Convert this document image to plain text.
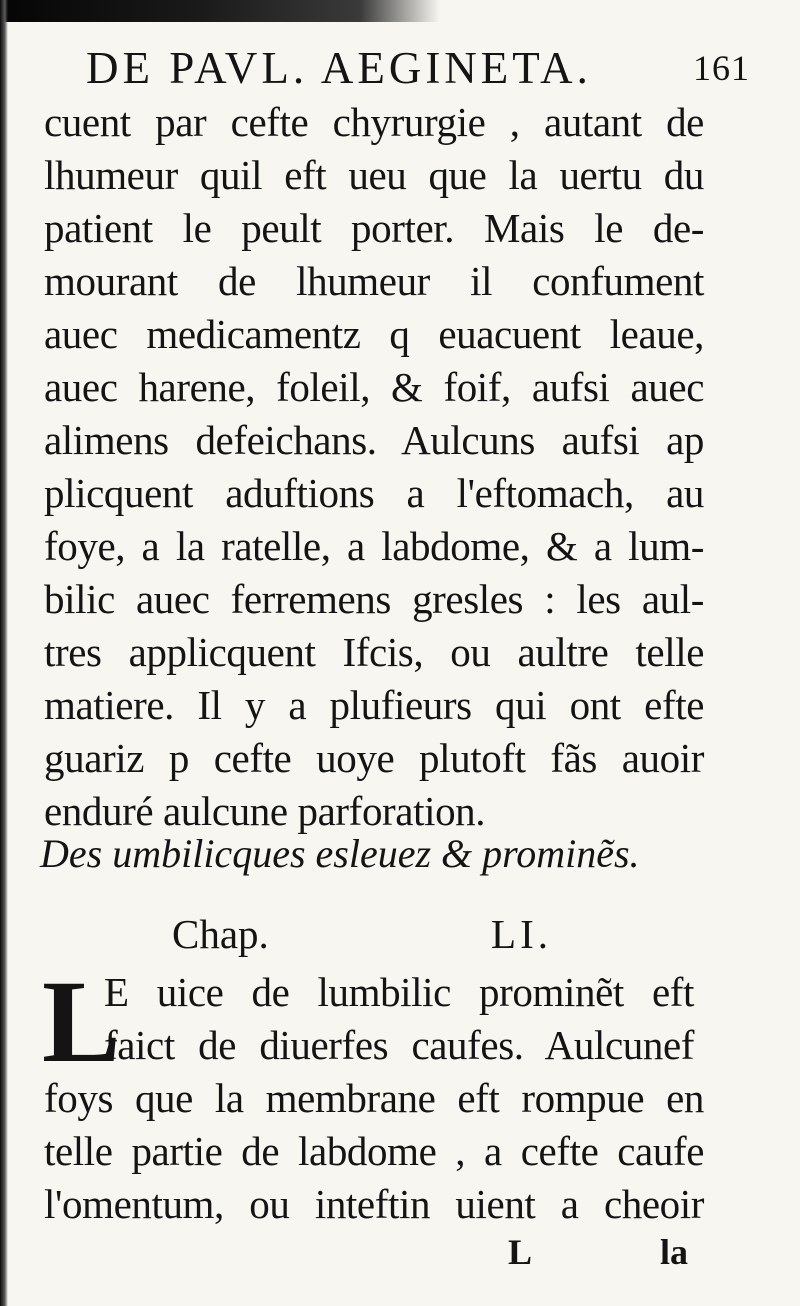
DE PAVL. AEGINETA.	161
cuent par cefte chyrurgie , autant de
lhumeur quil eft ueu que la uertu du
patient le peult porter. Mais le de-
mourant de lhumeur il confument
auec medicamentz q euacuent leaue,
auec harene, foleil, & foif, aufsi auec
alimens defeichans. Aulcuns aufsi ap
plicquent aduftions a l'eftomach, au
foye, a la ratelle, a labdome, & a lum-
bilic auec ferremens gresles : les aul-
tres applicquent Ifcis, ou aultre telle
matiere. Il y a plufieurs qui ont efte
guariz p cefte uoye plutoft fãs auoir
enduré aulcune parforation.
Des umbilicques esleuez & prominẽs.
Chap.	LI.
L
E uice de lumbilic prominẽt eft
faict de diuerfes caufes. Aulcunef
foys que la membrane eft rompue en
telle partie de labdome , a cefte caufe
l'omentum, ou inteftin uient a cheoir
L	la
